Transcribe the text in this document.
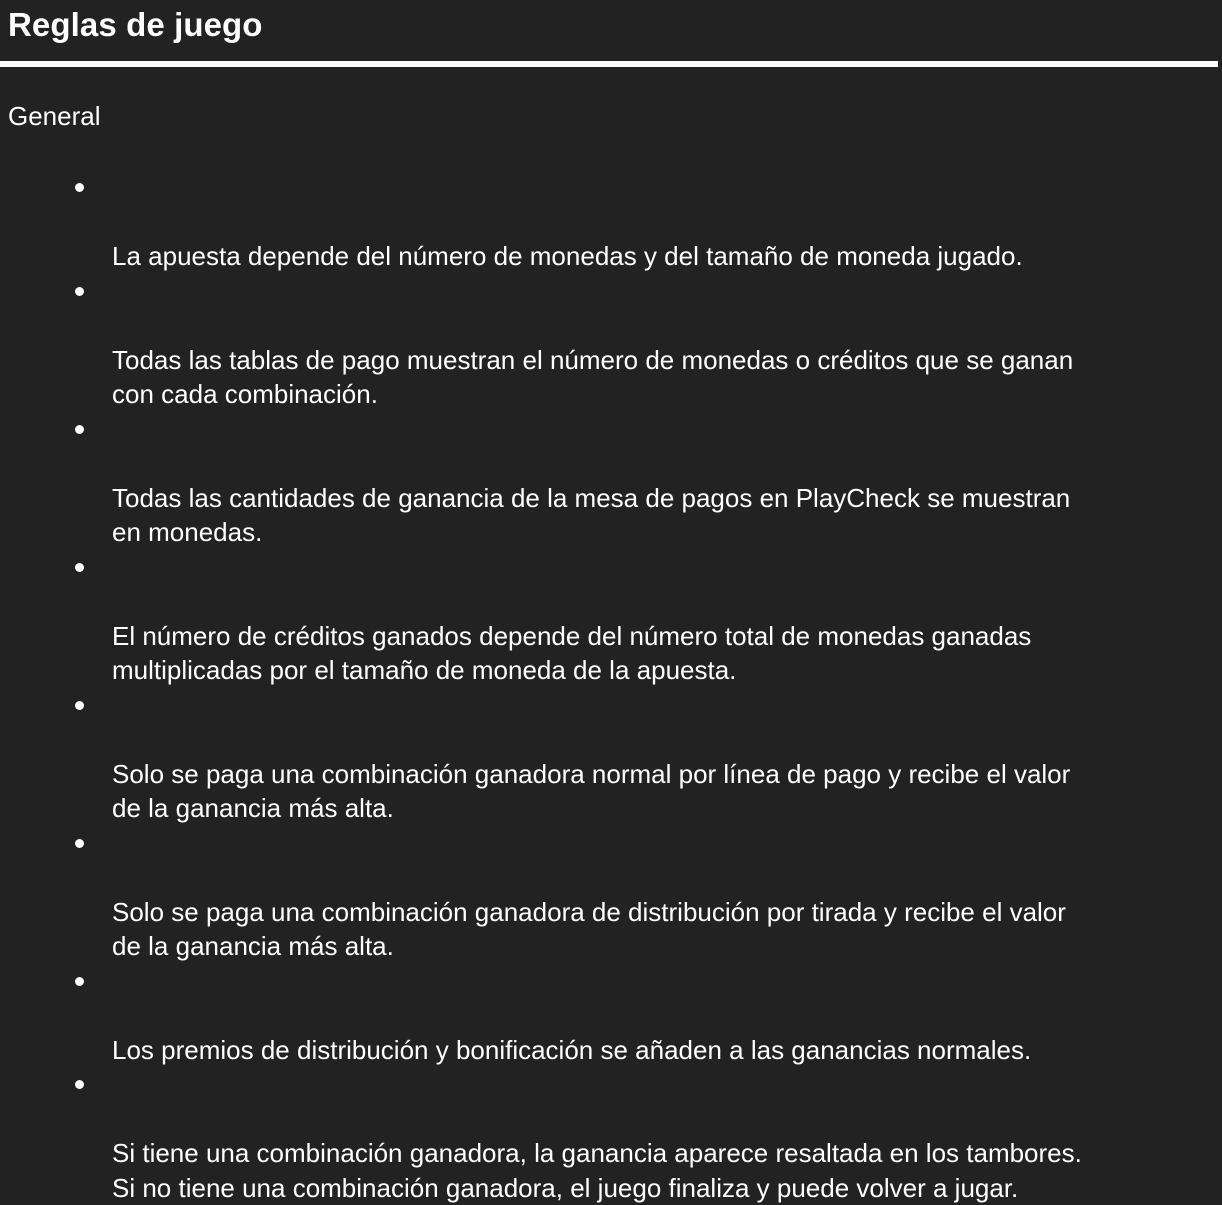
Reglas de juego
General

La apuesta depende del número de monedas y del tamaño de moneda jugado.

Todas las tablas de pago muestran el número de monedas o créditos que se ganan
con cada combinación.

Todas las cantidades de ganancia de la mesa de pagos en PlayCheck se muestran
en monedas.

El número de créditos ganados depende del número total de monedas ganadas
multiplicadas por el tamaño de moneda de la apuesta.

Solo se paga una combinación ganadora normal por línea de pago y recibe el valor
de la ganancia más alta.

Solo se paga una combinación ganadora de distribución por tirada y recibe el valor
de la ganancia más alta.

Los premios de distribución y bonificación se añaden a las ganancias normales.

Si tiene una combinación ganadora, la ganancia aparece resaltada en los tambores.
Si no tiene una combinación ganadora, el juego finaliza y puede volver a jugar.
